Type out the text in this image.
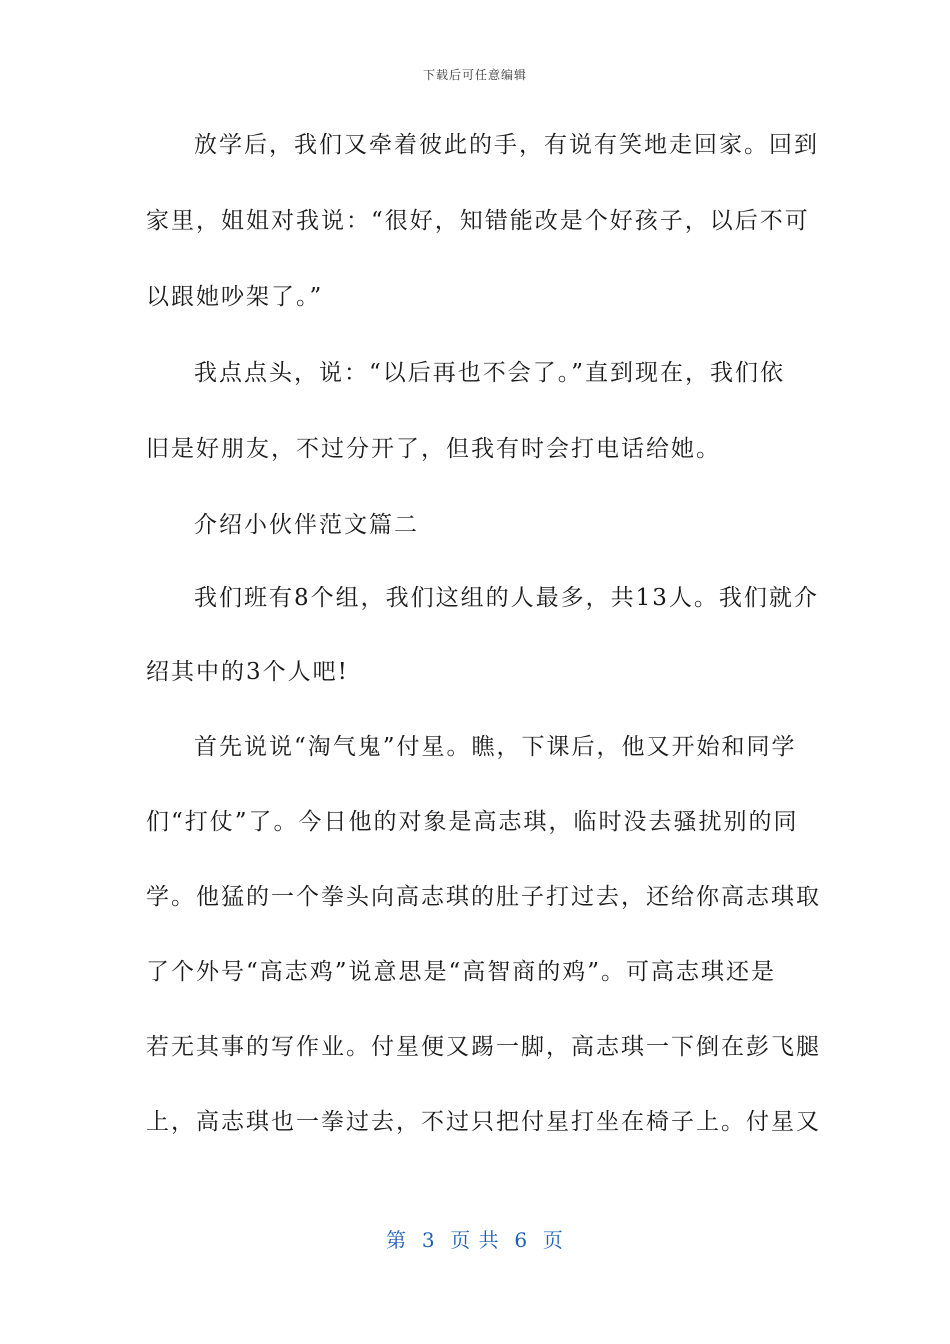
下载后可任意编辑
放学后，我们又牵着彼此的手，有说有笑地走回家。回到
家里，姐姐对我说：“很好，知错能改是个好孩子，以后不可
以跟她吵架了。”
我点点头，说：“以后再也不会了。”直到现在，我们依
旧是好朋友，不过分开了，但我有时会打电话给她。
介绍小伙伴范文篇二
我们班有8个组，我们这组的人最多，共13人。我们就介
绍其中的3个人吧!
首先说说“淘气鬼”付星。瞧，下课后，他又开始和同学
们“打仗”了。今日他的对象是高志琪，临时没去骚扰别的同
学。他猛的一个拳头向高志琪的肚子打过去，还给你高志琪取
了个外号“高志鸡”说意思是“高智商的鸡”。可高志琪还是
若无其事的写作业。付星便又踢一脚，高志琪一下倒在彭飞腿
上，高志琪也一拳过去，不过只把付星打坐在椅子上。付星又
第  3  页 共  6  页
